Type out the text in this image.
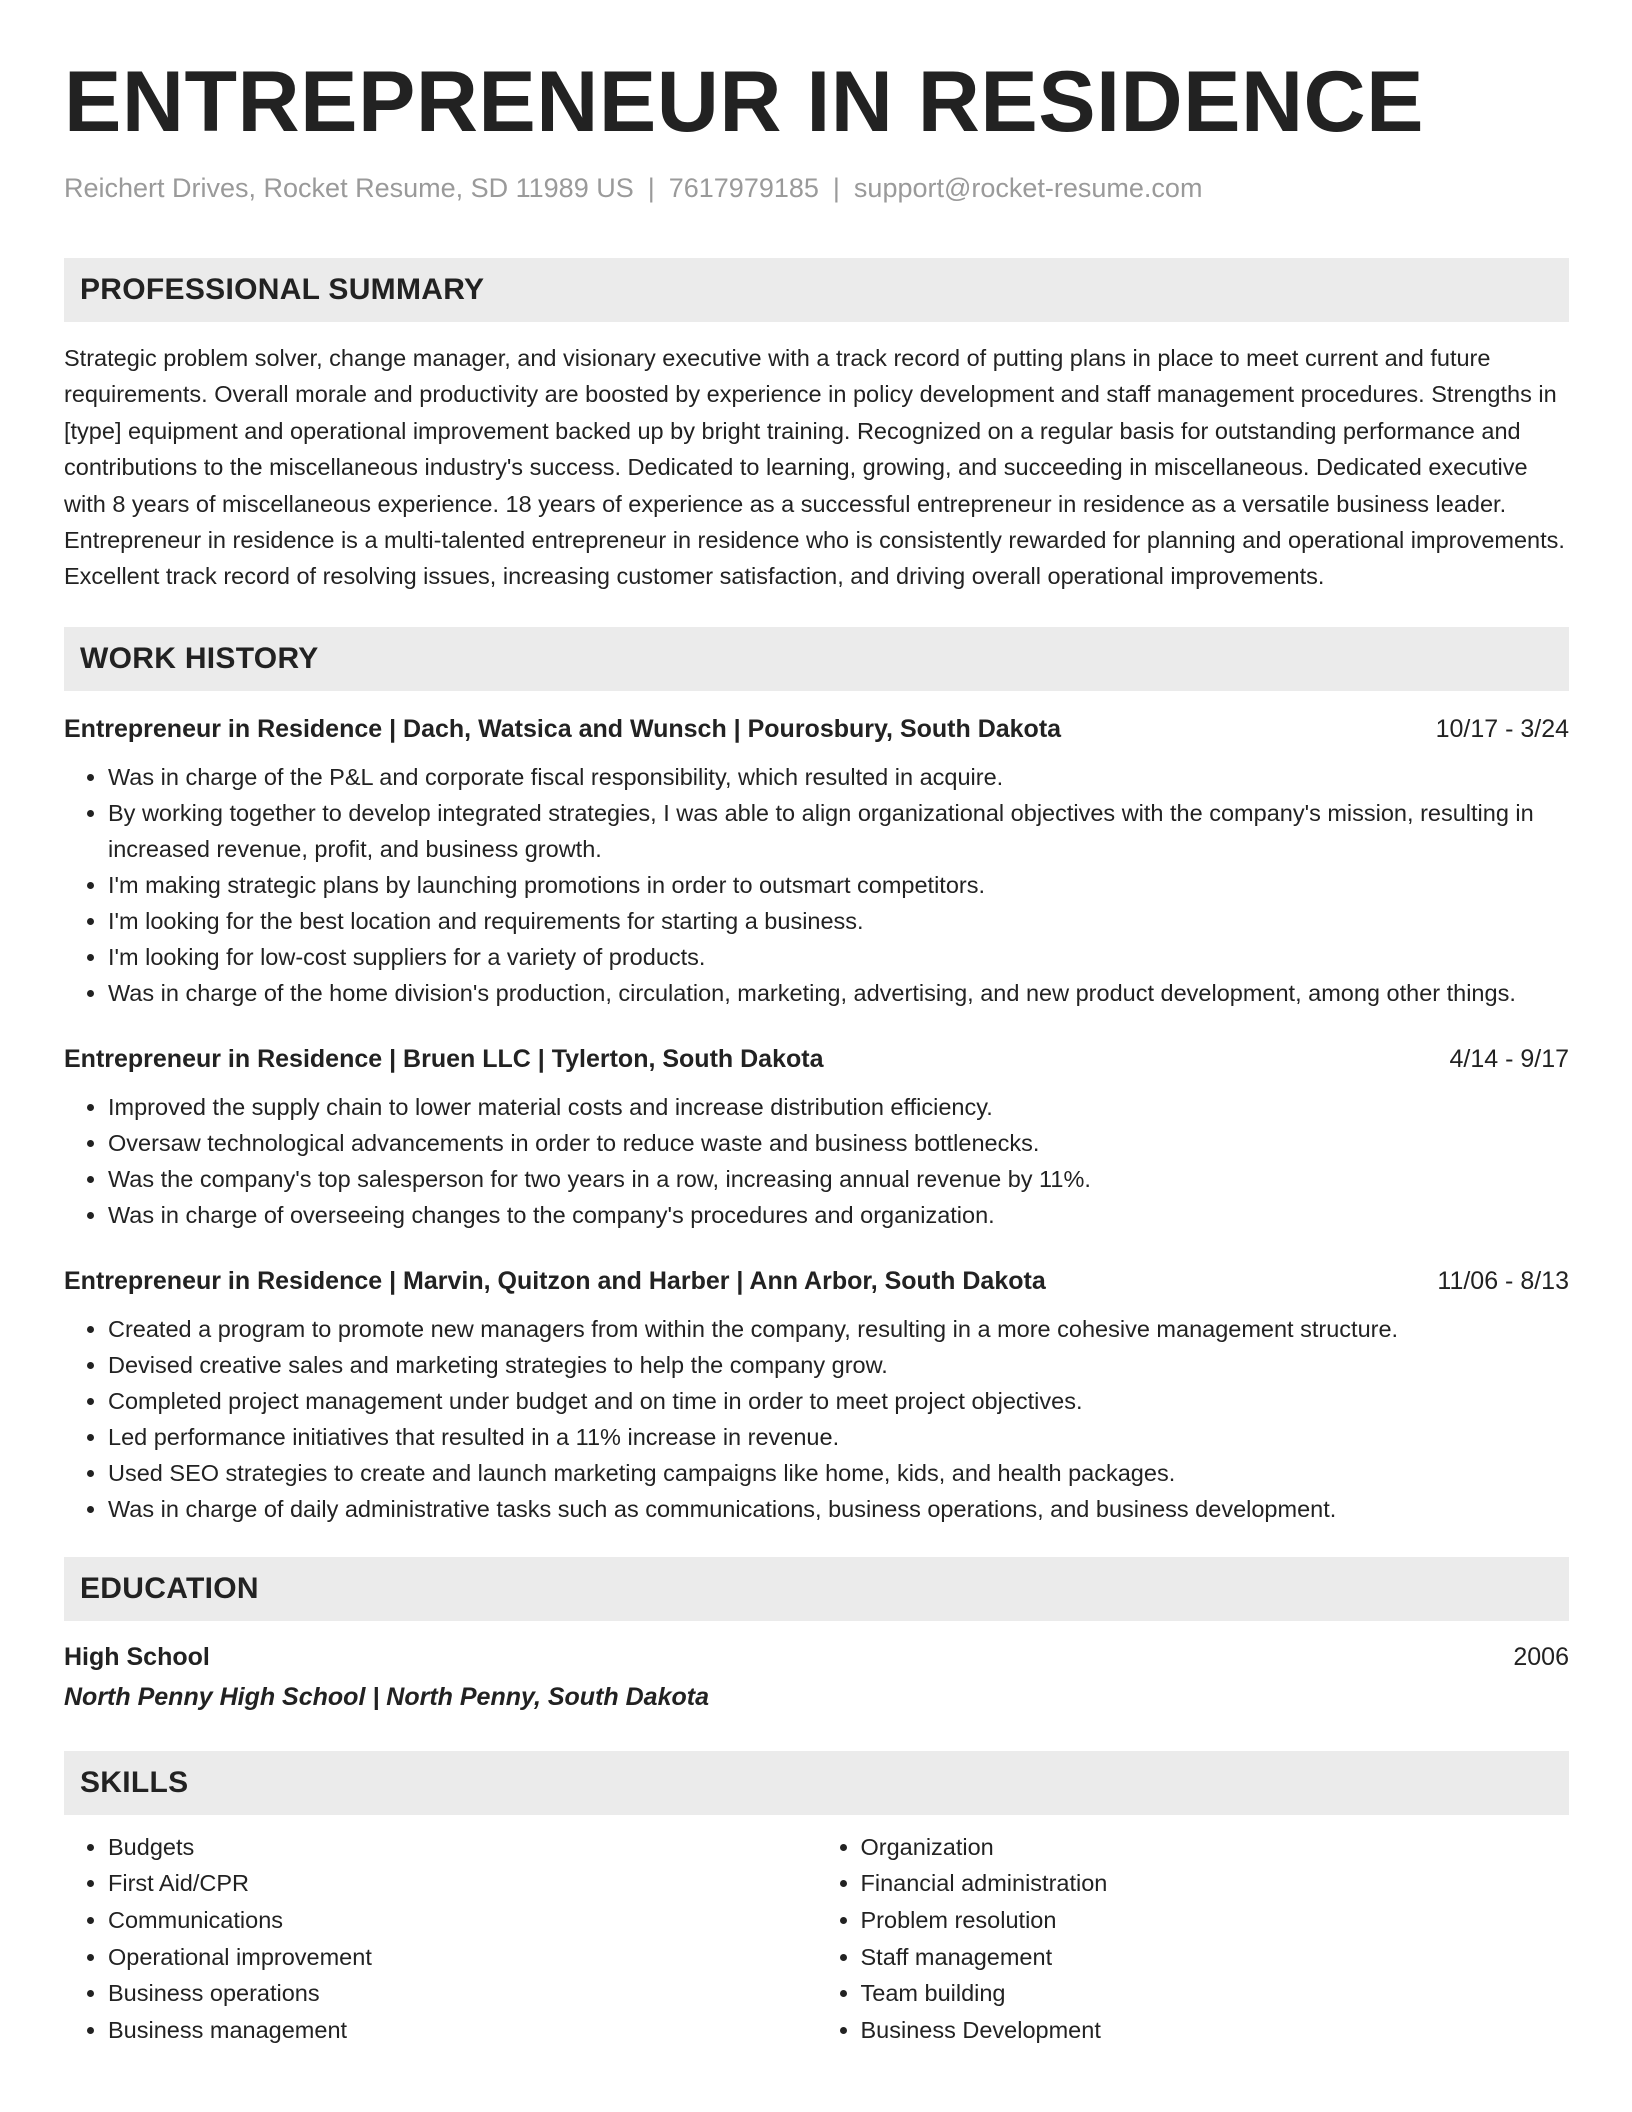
ENTREPRENEUR IN RESIDENCE
Reichert Drives, Rocket Resume, SD 11989 US | 7617979185 | support@rocket-resume.com
PROFESSIONAL SUMMARY

Strategic problem solver, change manager, and visionary executive with a track record of putting plans in place to meet current and future requirements. Overall morale and productivity are boosted by experience in policy development and staff management procedures. Strengths in [type] equipment and operational improvement backed up by bright training. Recognized on a regular basis for outstanding performance and contributions to the miscellaneous industry's success. Dedicated to learning, growing, and succeeding in miscellaneous. Dedicated executive with 8 years of miscellaneous experience. 18 years of experience as a successful entrepreneur in residence as a versatile business leader. Entrepreneur in residence is a multi-talented entrepreneur in residence who is consistently rewarded for planning and operational improvements. Excellent track record of resolving issues, increasing customer satisfaction, and driving overall operational improvements.

WORK HISTORY
Entrepreneur in Residence | Dach, Watsica and Wunsch | Pourosbury, South Dakota	10/17 - 3/24
• Was in charge of the P&L and corporate fiscal responsibility, which resulted in acquire.
• By working together to develop integrated strategies, I was able to align organizational objectives with the company's mission, resulting in increased revenue, profit, and business growth.
• I'm making strategic plans by launching promotions in order to outsmart competitors.
• I'm looking for the best location and requirements for starting a business.
• I'm looking for low-cost suppliers for a variety of products.
• Was in charge of the home division's production, circulation, marketing, advertising, and new product development, among other things.
Entrepreneur in Residence | Bruen LLC | Tylerton, South Dakota	4/14 - 9/17
• Improved the supply chain to lower material costs and increase distribution efficiency.
• Oversaw technological advancements in order to reduce waste and business bottlenecks.
• Was the company's top salesperson for two years in a row, increasing annual revenue by 11%.
• Was in charge of overseeing changes to the company's procedures and organization.
Entrepreneur in Residence | Marvin, Quitzon and Harber | Ann Arbor, South Dakota	11/06 - 8/13
• Created a program to promote new managers from within the company, resulting in a more cohesive management structure.
• Devised creative sales and marketing strategies to help the company grow.
• Completed project management under budget and on time in order to meet project objectives.
• Led performance initiatives that resulted in a 11% increase in revenue.
• Used SEO strategies to create and launch marketing campaigns like home, kids, and health packages.
• Was in charge of daily administrative tasks such as communications, business operations, and business development.
EDUCATION
High School	2006
North Penny High School | North Penny, South Dakota
SKILLS
• Budgets
• First Aid/CPR
• Communications
• Operational improvement
• Business operations
• Business management
• Organization
• Financial administration
• Problem resolution
• Staff management
• Team building
• Business Development
